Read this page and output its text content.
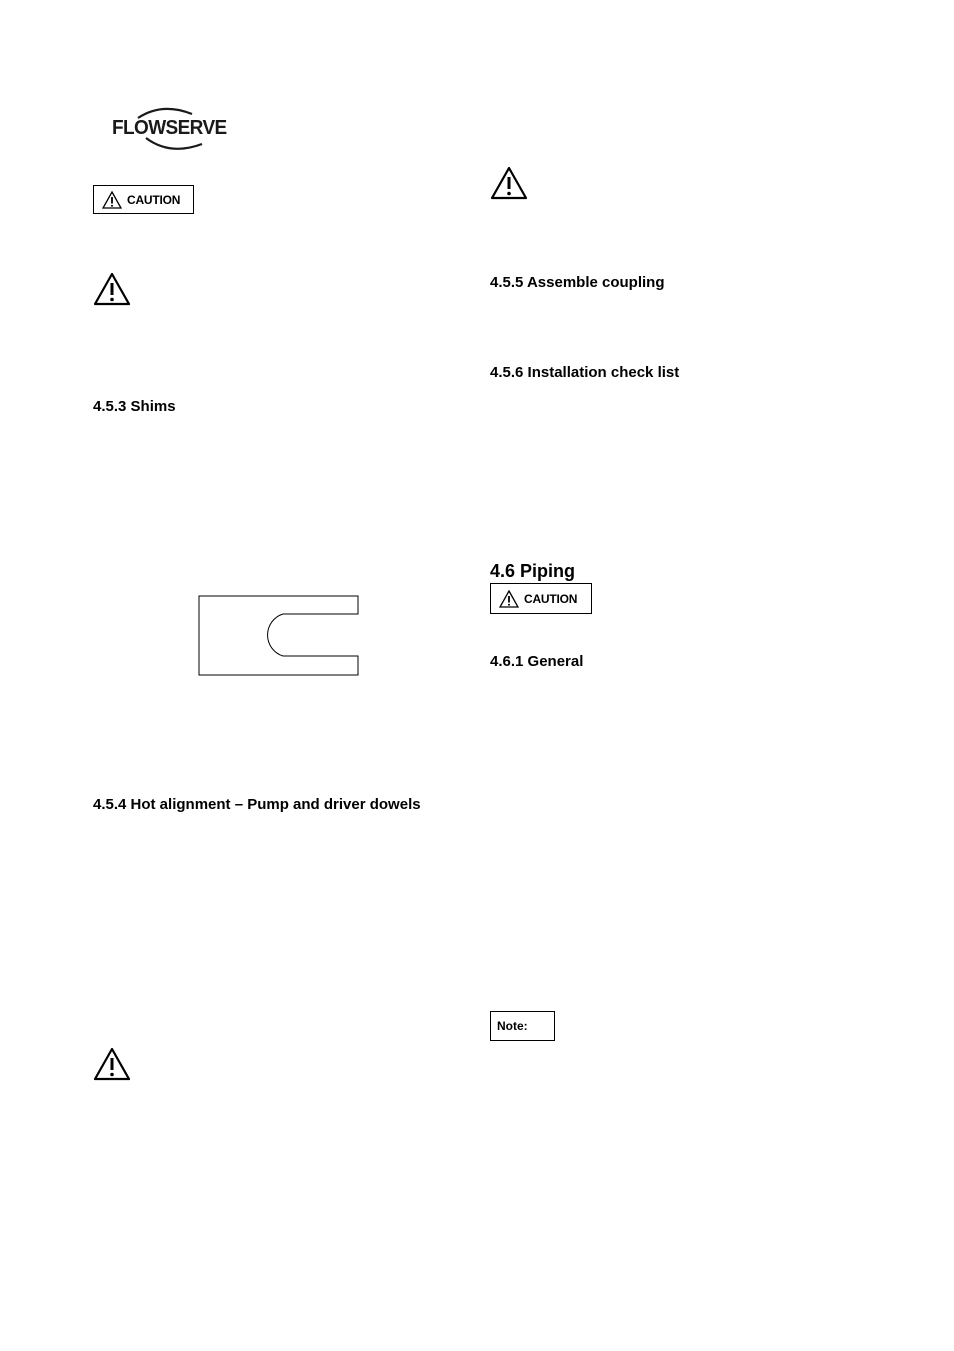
FLOWSERVE
CAUTION
4.5.3 Shims
4.5.4 Hot alignment – Pump and driver dowels
4.5.5 Assemble coupling
4.5.6 Installation check list
4.6 Piping
CAUTION
4.6.1 General
Note:
